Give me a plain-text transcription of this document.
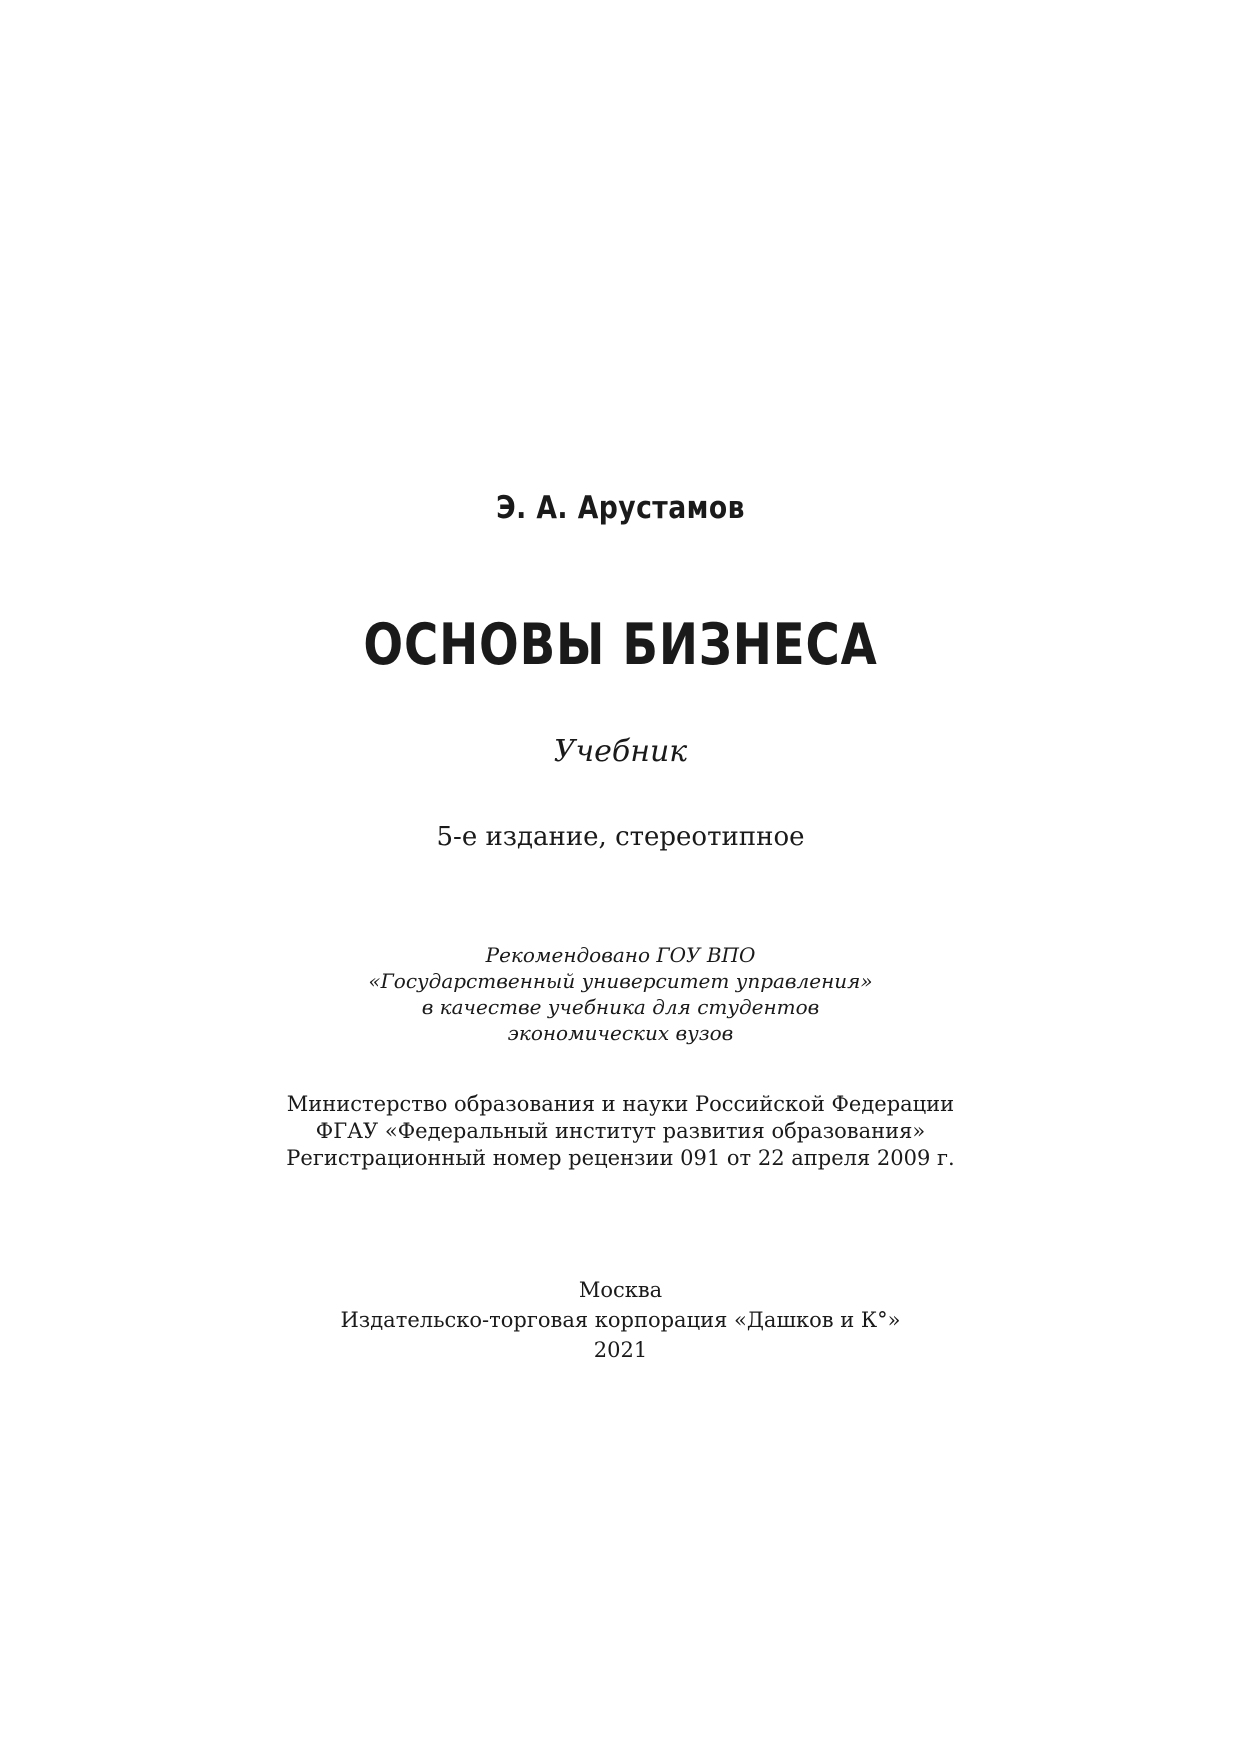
Э. А. Арустамов
ОСНОВЫ БИЗНЕСА
Учебник
5-е издание, стереотипное
Рекомендовано ГОУ ВПО
«Государственный университет управления»
в качестве учебника для студентов
экономических вузов
Министерство образования и науки Российской Федерации
ФГАУ «Федеральный институт развития образования»
Регистрационный номер рецензии 091 от 22 апреля 2009 г.
Москва
Издательско-торговая корпорация «Дашков и К°»
2021
